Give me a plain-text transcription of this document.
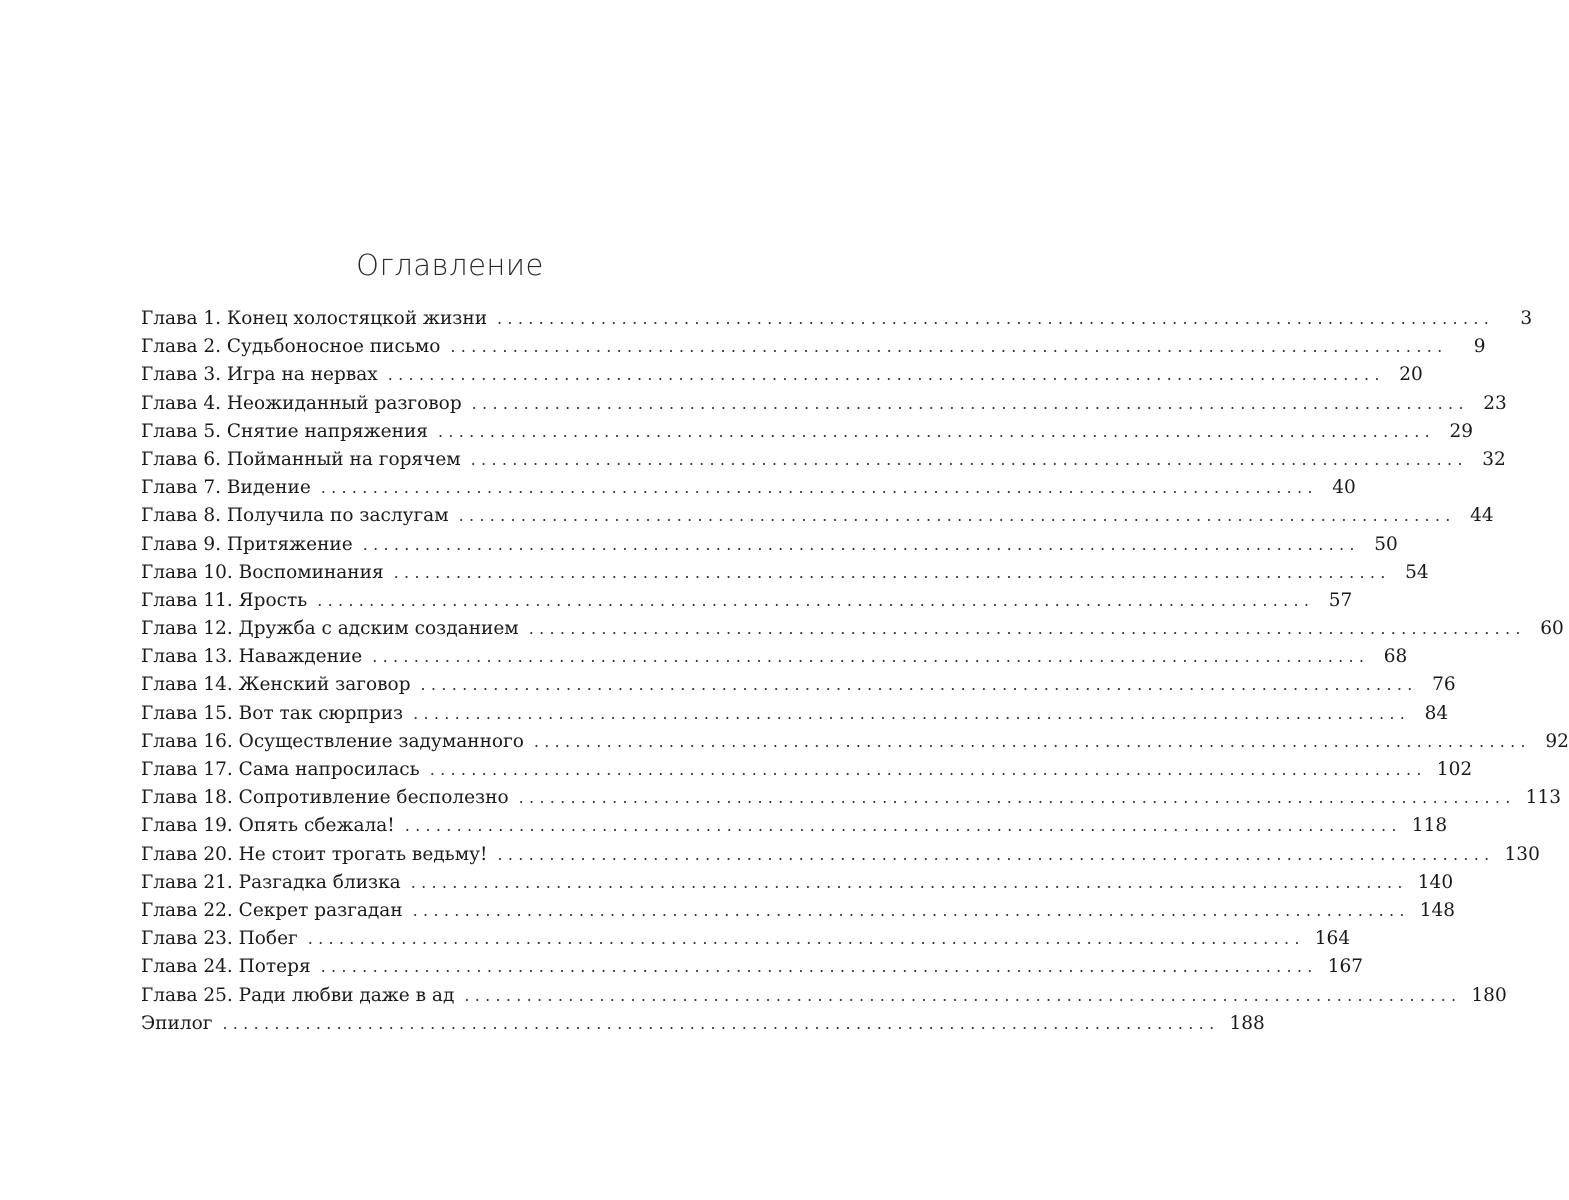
Оглавление
Глава 1. Конец холостяцкой жизни ................................................................................................	3
Глава 2. Судьбоносное письмо ................................................................................................	9
Глава 3. Игра на нервах ................................................................................................ 20
Глава 4. Неожиданный разговор ................................................................................................ 23
Глава 5. Снятие напряжения ................................................................................................ 29
Глава 6. Пойманный на горячем ................................................................................................ 32
Глава 7. Видение ................................................................................................ 40
Глава 8. Получила по заслугам ................................................................................................ 44
Глава 9. Притяжение ................................................................................................ 50
Глава 10. Воспоминания ................................................................................................ 54
Глава 11. Ярость ................................................................................................ 57
Глава 12. Дружба с адским созданием ................................................................................................ 60
Глава 13. Наваждение ................................................................................................ 68
Глава 14. Женский заговор ................................................................................................ 76
Глава 15. Вот так сюрприз ................................................................................................ 84
Глава 16. Осуществление задуманного ................................................................................................ 92
Глава 17. Сама напросилась ................................................................................................ 102
Глава 18. Сопротивление бесполезно ................................................................................................ 113
Глава 19. Опять сбежала! ................................................................................................ 118
Глава 20. Не стоит трогать ведьму! ................................................................................................ 130
Глава 21. Разгадка близка ................................................................................................ 140
Глава 22. Секрет разгадан ................................................................................................ 148
Глава 23. Побег ................................................................................................ 164
Глава 24. Потеря ................................................................................................ 167
Глава 25. Ради любви даже в ад ................................................................................................ 180
Эпилог ................................................................................................ 188
